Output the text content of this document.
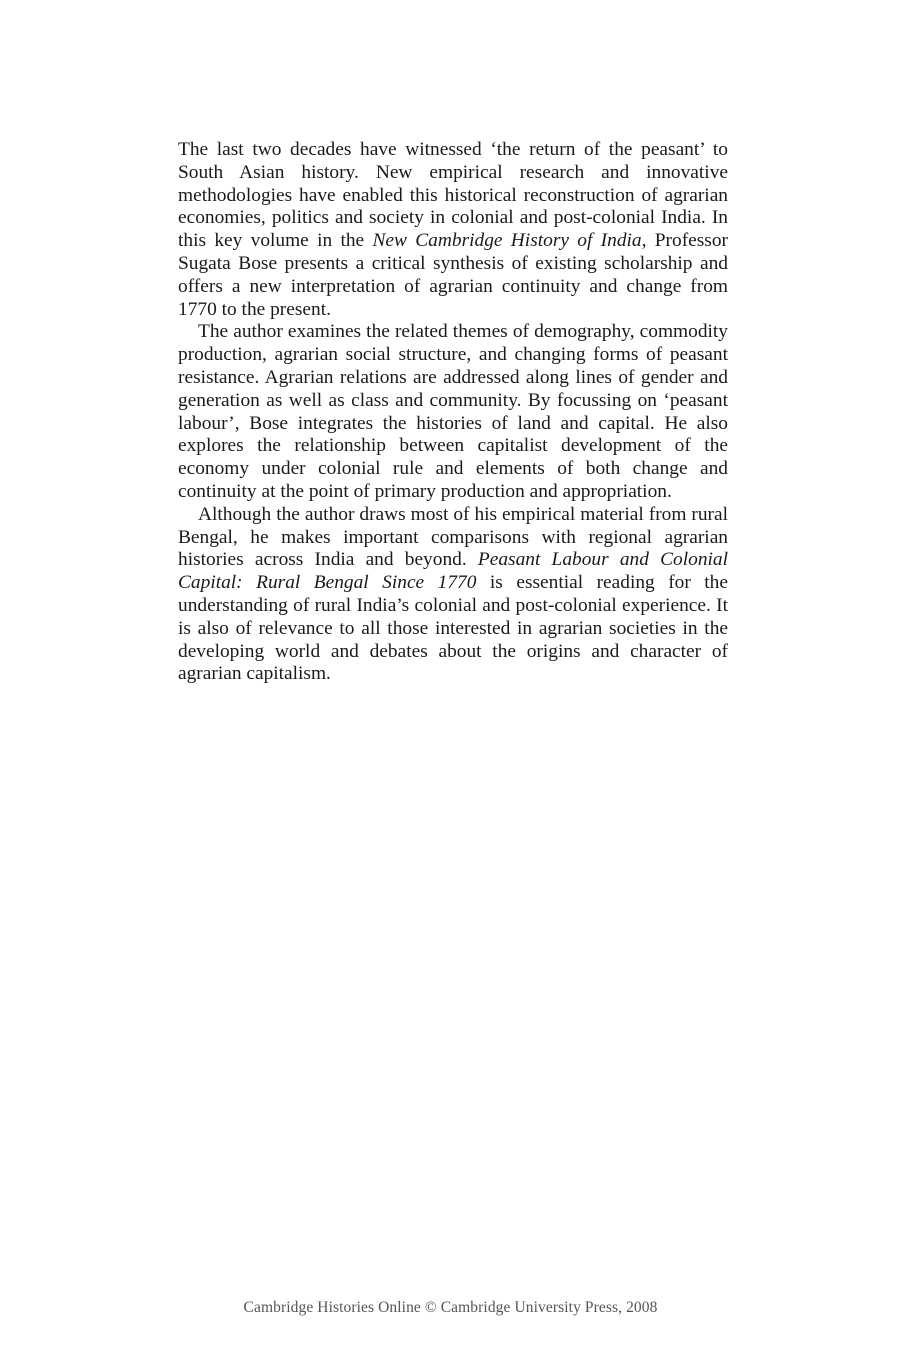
The last two decades have witnessed ‘the return of the peasant’ to South Asian history. New empirical research and innovative methodologies have enabled this historical reconstruction of agrarian economies, politics and society in colonial and post-colonial India. In this key volume in the New Cambridge History of India, Professor Sugata Bose presents a critical synthesis of existing scholarship and offers a new interpretation of agrarian continuity and change from 1770 to the present.

The author examines the related themes of demography, commodity production, agrarian social structure, and changing forms of peasant resistance. Agrarian relations are addressed along lines of gender and generation as well as class and community. By focussing on ‘peasant labour’, Bose integrates the histories of land and capital. He also explores the relationship between capitalist development of the economy under colonial rule and elements of both change and continuity at the point of primary production and appropriation.

Although the author draws most of his empirical material from rural Bengal, he makes important comparisons with regional agrarian histories across India and beyond. Peasant Labour and Colonial Capital: Rural Bengal Since 1770 is essential reading for the understanding of rural India’s colonial and post-colonial experience. It is also of relevance to all those interested in agrarian societies in the developing world and debates about the origins and character of agrarian capitalism.

Cambridge Histories Online © Cambridge University Press, 2008
